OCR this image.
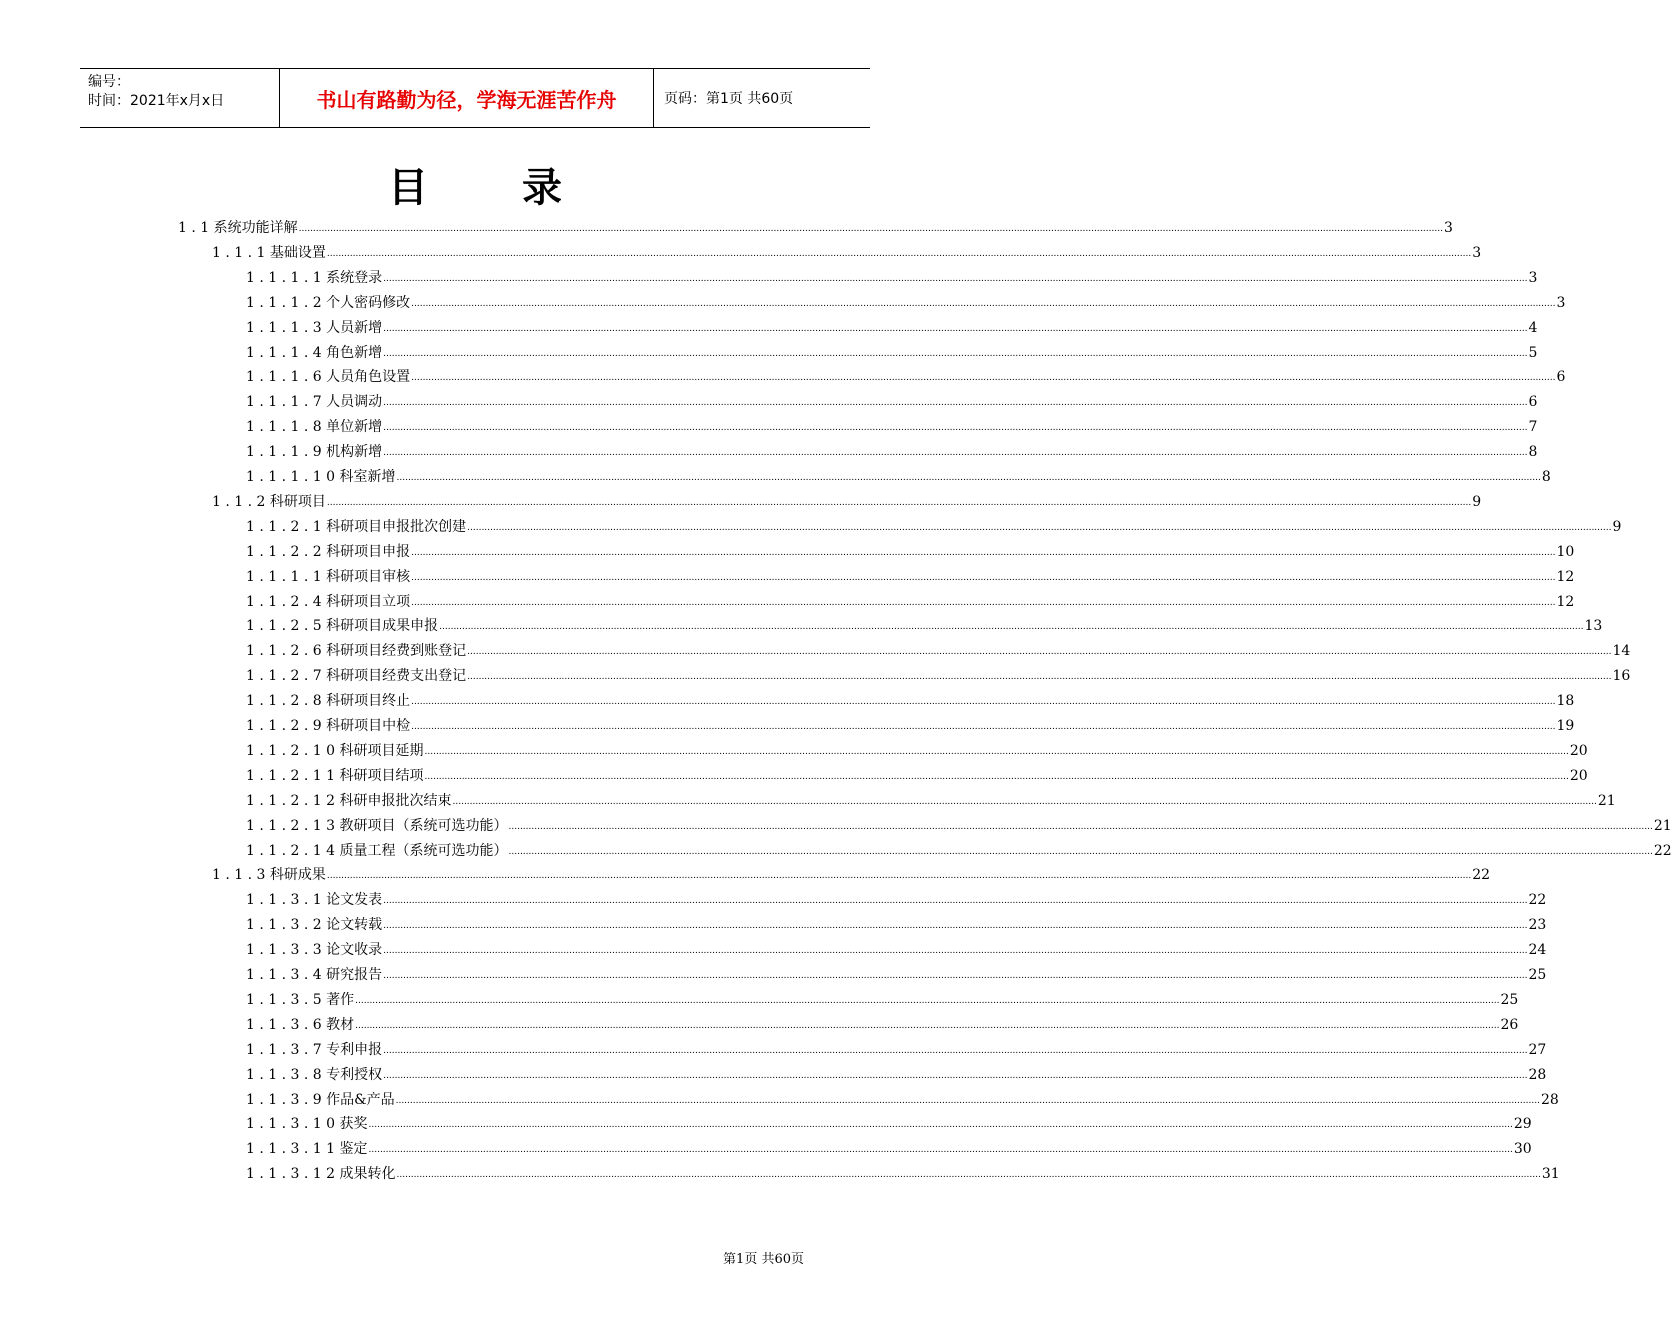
编号：
时间：2021年x月x日	书山有路勤为径，学海无涯苦作舟	页码：第1页 共60页
目 录
1 . 1 系统功能详解 ................................................................................................................................................................................................................................................................................................................................................................................................................ 3
1 . 1 . 1 基础设置 ................................................................................................................................................................................................................................................................................................................................................................................................................ 3
1 . 1 . 1 . 1 系统登录 ................................................................................................................................................................................................................................................................................................................................................................................................................ 3
1 . 1 . 1 . 2 个人密码修改 ................................................................................................................................................................................................................................................................................................................................................................................................................ 3
1 . 1 . 1 . 3 人员新增 ................................................................................................................................................................................................................................................................................................................................................................................................................ 4
1 . 1 . 1 . 4 角色新增 ................................................................................................................................................................................................................................................................................................................................................................................................................ 5
1 . 1 . 1 . 6 人员角色设置 ................................................................................................................................................................................................................................................................................................................................................................................................................ 6
1 . 1 . 1 . 7 人员调动 ................................................................................................................................................................................................................................................................................................................................................................................................................ 6
1 . 1 . 1 . 8 单位新增 ................................................................................................................................................................................................................................................................................................................................................................................................................ 7
1 . 1 . 1 . 9 机构新增 ................................................................................................................................................................................................................................................................................................................................................................................................................ 8
1 . 1 . 1 . 1 0 科室新增 ................................................................................................................................................................................................................................................................................................................................................................................................................ 8
1 . 1 . 2 科研项目 ................................................................................................................................................................................................................................................................................................................................................................................................................ 9
1 . 1 . 2 . 1 科研项目申报批次创建 ................................................................................................................................................................................................................................................................................................................................................................................................................ 9
1 . 1 . 2 . 2 科研项目申报 ................................................................................................................................................................................................................................................................................................................................................................................................................ 10
1 . 1 . 1 . 1 科研项目审核 ................................................................................................................................................................................................................................................................................................................................................................................................................ 12
1 . 1 . 2 . 4 科研项目立项 ................................................................................................................................................................................................................................................................................................................................................................................................................ 12
1 . 1 . 2 . 5 科研项目成果申报 ................................................................................................................................................................................................................................................................................................................................................................................................................ 13
1 . 1 . 2 . 6 科研项目经费到账登记 ................................................................................................................................................................................................................................................................................................................................................................................................................ 14
1 . 1 . 2 . 7 科研项目经费支出登记 ................................................................................................................................................................................................................................................................................................................................................................................................................ 16
1 . 1 . 2 . 8 科研项目终止 ................................................................................................................................................................................................................................................................................................................................................................................................................ 18
1 . 1 . 2 . 9 科研项目中检 ................................................................................................................................................................................................................................................................................................................................................................................................................ 19
1 . 1 . 2 . 1 0 科研项目延期 ................................................................................................................................................................................................................................................................................................................................................................................................................ 20
1 . 1 . 2 . 1 1 科研项目结项 ................................................................................................................................................................................................................................................................................................................................................................................................................ 20
1 . 1 . 2 . 1 2 科研申报批次结束 ................................................................................................................................................................................................................................................................................................................................................................................................................ 21
1 . 1 . 2 . 1 3 教研项目（系统可选功能） ................................................................................................................................................................................................................................................................................................................................................................................................................ 21
1 . 1 . 2 . 1 4 质量工程（系统可选功能） ................................................................................................................................................................................................................................................................................................................................................................................................................ 22
1 . 1 . 3 科研成果 ................................................................................................................................................................................................................................................................................................................................................................................................................ 22
1 . 1 . 3 . 1 论文发表 ................................................................................................................................................................................................................................................................................................................................................................................................................ 22
1 . 1 . 3 . 2 论文转载 ................................................................................................................................................................................................................................................................................................................................................................................................................ 23
1 . 1 . 3 . 3 论文收录 ................................................................................................................................................................................................................................................................................................................................................................................................................ 24
1 . 1 . 3 . 4 研究报告 ................................................................................................................................................................................................................................................................................................................................................................................................................ 25
1 . 1 . 3 . 5 著作 ................................................................................................................................................................................................................................................................................................................................................................................................................ 25
1 . 1 . 3 . 6 教材 ................................................................................................................................................................................................................................................................................................................................................................................................................ 26
1 . 1 . 3 . 7 专利申报 ................................................................................................................................................................................................................................................................................................................................................................................................................ 27
1 . 1 . 3 . 8 专利授权 ................................................................................................................................................................................................................................................................................................................................................................................................................ 28
1 . 1 . 3 . 9 作品&产品 ................................................................................................................................................................................................................................................................................................................................................................................................................ 28
1 . 1 . 3 . 1 0 获奖 ................................................................................................................................................................................................................................................................................................................................................................................................................ 29
1 . 1 . 3 . 1 1 鉴定 ................................................................................................................................................................................................................................................................................................................................................................................................................ 30
1 . 1 . 3 . 1 2 成果转化 ................................................................................................................................................................................................................................................................................................................................................................................................................ 31
第1页 共60页
